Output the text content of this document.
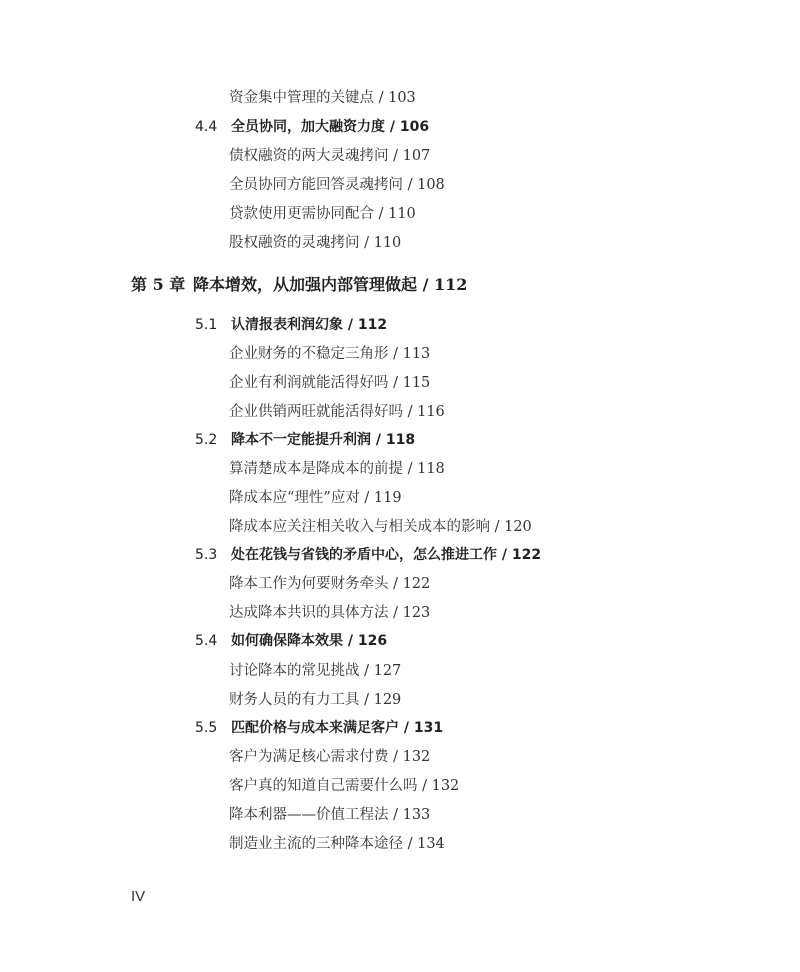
资金集中管理的关键点 / 103
4.4 全员协同，加大融资力度 / 106
债权融资的两大灵魂拷问 / 107
全员协同方能回答灵魂拷问 / 108
贷款使用更需协同配合 / 110
股权融资的灵魂拷问 / 110
第 5 章 降本增效，从加强内部管理做起 / 112
5.1 认清报表利润幻象 / 112
企业财务的不稳定三角形 / 113
企业有利润就能活得好吗 / 115
企业供销两旺就能活得好吗 / 116
5.2 降本不一定能提升利润 / 118
算清楚成本是降成本的前提 / 118
降成本应“理性”应对 / 119
降成本应关注相关收入与相关成本的影响 / 120
5.3 处在花钱与省钱的矛盾中心，怎么推进工作 / 122
降本工作为何要财务牵头 / 122
达成降本共识的具体方法 / 123
5.4 如何确保降本效果 / 126
讨论降本的常见挑战 / 127
财务人员的有力工具 / 129
5.5 匹配价格与成本来满足客户 / 131
客户为满足核心需求付费 / 132
客户真的知道自己需要什么吗 / 132
降本利器——价值工程法 / 133
制造业主流的三种降本途径 / 134
IV
